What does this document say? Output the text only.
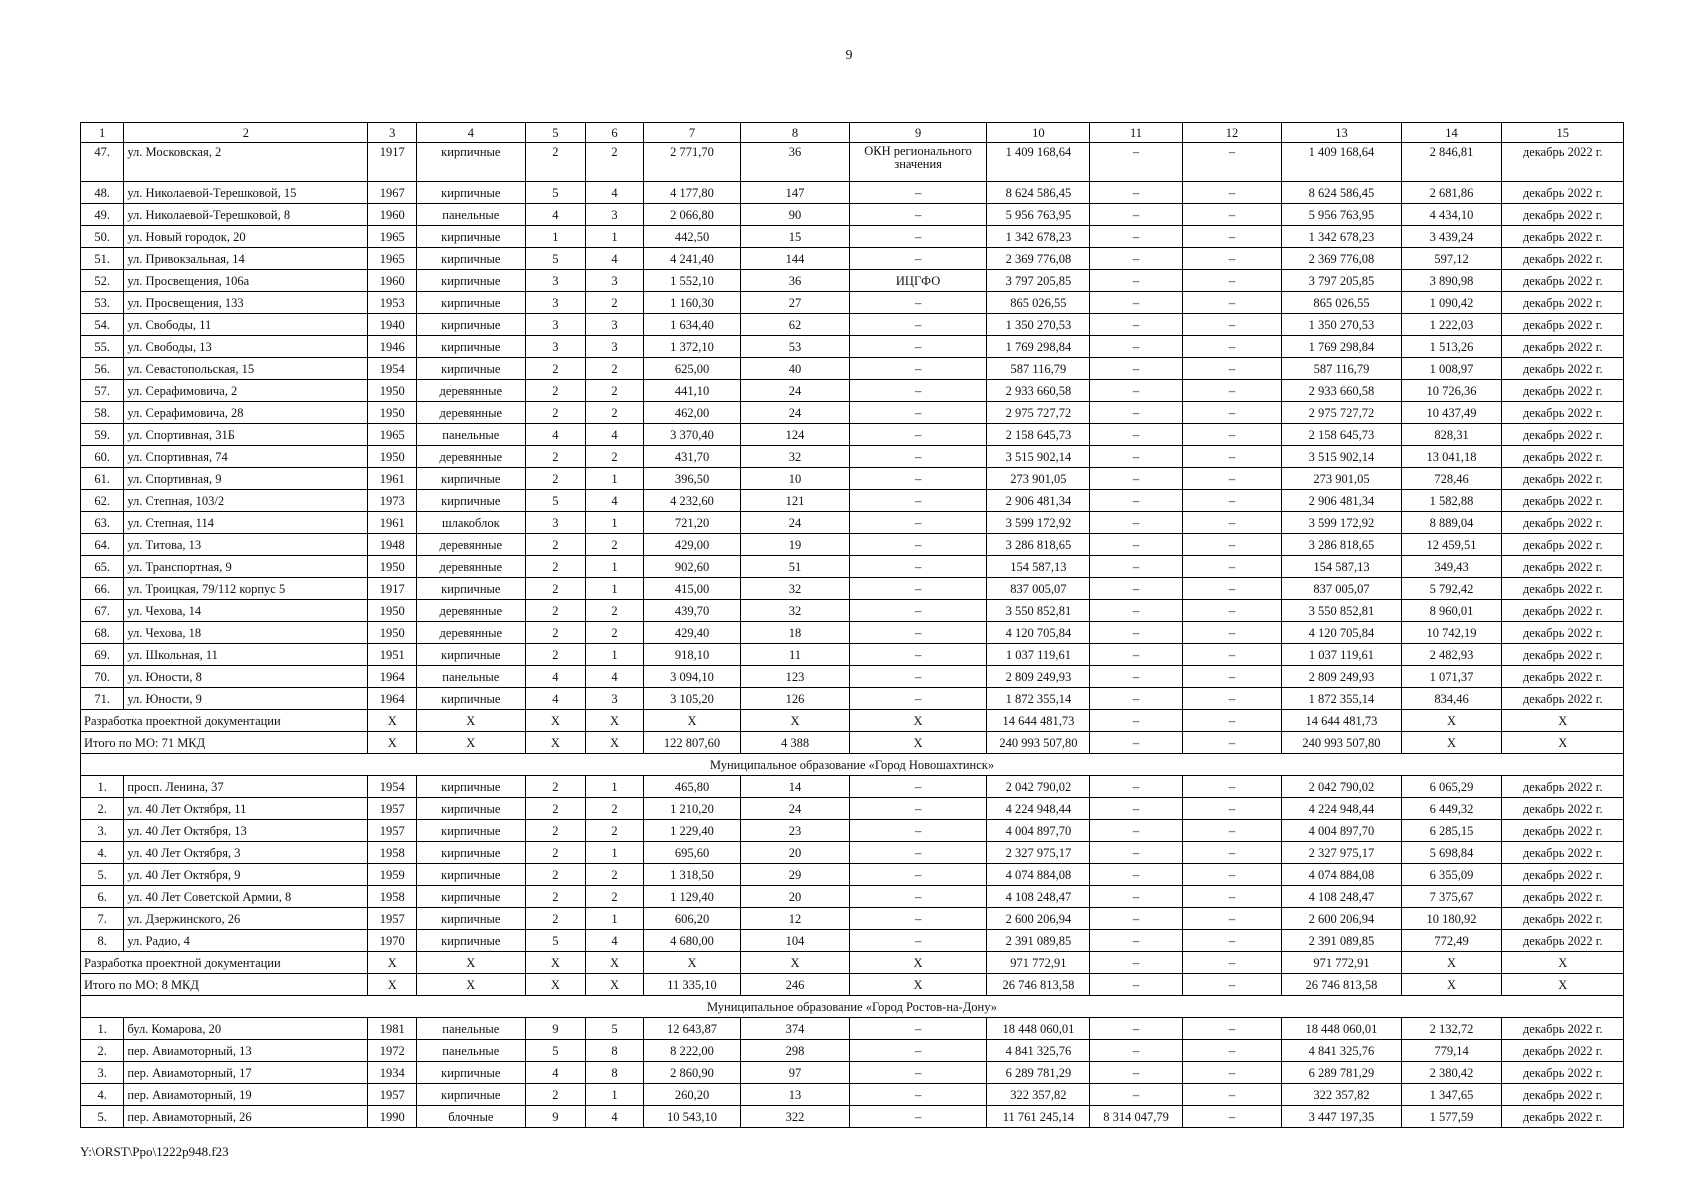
9
1	2	3	4	5	6	7	8	9	10	11	12	13	14	15
47.	ул. Московская, 2	1917	кирпичные	2	2	2 771,70	36	ОКН регионального значения	1 409 168,64	–	–	1 409 168,64	2 846,81	декабрь 2022 г.
48.	ул. Николаевой-Терешковой, 15	1967	кирпичные	5	4	4 177,80	147	–	8 624 586,45	–	–	8 624 586,45	2 681,86	декабрь 2022 г.
49.	ул. Николаевой-Терешковой, 8	1960	панельные	4	3	2 066,80	90	–	5 956 763,95	–	–	5 956 763,95	4 434,10	декабрь 2022 г.
50.	ул. Новый городок, 20	1965	кирпичные	1	1	442,50	15	–	1 342 678,23	–	–	1 342 678,23	3 439,24	декабрь 2022 г.
51.	ул. Привокзальная, 14	1965	кирпичные	5	4	4 241,40	144	–	2 369 776,08	–	–	2 369 776,08	597,12	декабрь 2022 г.
52.	ул. Просвещения, 106а	1960	кирпичные	3	3	1 552,10	36	ИЦГФО	3 797 205,85	–	–	3 797 205,85	3 890,98	декабрь 2022 г.
53.	ул. Просвещения, 133	1953	кирпичные	3	2	1 160,30	27	–	865 026,55	–	–	865 026,55	1 090,42	декабрь 2022 г.
54.	ул. Свободы, 11	1940	кирпичные	3	3	1 634,40	62	–	1 350 270,53	–	–	1 350 270,53	1 222,03	декабрь 2022 г.
55.	ул. Свободы, 13	1946	кирпичные	3	3	1 372,10	53	–	1 769 298,84	–	–	1 769 298,84	1 513,26	декабрь 2022 г.
56.	ул. Севастопольская, 15	1954	кирпичные	2	2	625,00	40	–	587 116,79	–	–	587 116,79	1 008,97	декабрь 2022 г.
57.	ул. Серафимовича, 2	1950	деревянные	2	2	441,10	24	–	2 933 660,58	–	–	2 933 660,58	10 726,36	декабрь 2022 г.
58.	ул. Серафимовича, 28	1950	деревянные	2	2	462,00	24	–	2 975 727,72	–	–	2 975 727,72	10 437,49	декабрь 2022 г.
59.	ул. Спортивная, 31Б	1965	панельные	4	4	3 370,40	124	–	2 158 645,73	–	–	2 158 645,73	828,31	декабрь 2022 г.
60.	ул. Спортивная, 74	1950	деревянные	2	2	431,70	32	–	3 515 902,14	–	–	3 515 902,14	13 041,18	декабрь 2022 г.
61.	ул. Спортивная, 9	1961	кирпичные	2	1	396,50	10	–	273 901,05	–	–	273 901,05	728,46	декабрь 2022 г.
62.	ул. Степная, 103/2	1973	кирпичные	5	4	4 232,60	121	–	2 906 481,34	–	–	2 906 481,34	1 582,88	декабрь 2022 г.
63.	ул. Степная, 114	1961	шлакоблок	3	1	721,20	24	–	3 599 172,92	–	–	3 599 172,92	8 889,04	декабрь 2022 г.
64.	ул. Титова, 13	1948	деревянные	2	2	429,00	19	–	3 286 818,65	–	–	3 286 818,65	12 459,51	декабрь 2022 г.
65.	ул. Транспортная, 9	1950	деревянные	2	1	902,60	51	–	154 587,13	–	–	154 587,13	349,43	декабрь 2022 г.
66.	ул. Троицкая, 79/112 корпус 5	1917	кирпичные	2	1	415,00	32	–	837 005,07	–	–	837 005,07	5 792,42	декабрь 2022 г.
67.	ул. Чехова, 14	1950	деревянные	2	2	439,70	32	–	3 550 852,81	–	–	3 550 852,81	8 960,01	декабрь 2022 г.
68.	ул. Чехова, 18	1950	деревянные	2	2	429,40	18	–	4 120 705,84	–	–	4 120 705,84	10 742,19	декабрь 2022 г.
69.	ул. Школьная, 11	1951	кирпичные	2	1	918,10	11	–	1 037 119,61	–	–	1 037 119,61	2 482,93	декабрь 2022 г.
70.	ул. Юности, 8	1964	панельные	4	4	3 094,10	123	–	2 809 249,93	–	–	2 809 249,93	1 071,37	декабрь 2022 г.
71.	ул. Юности, 9	1964	кирпичные	4	3	3 105,20	126	–	1 872 355,14	–	–	1 872 355,14	834,46	декабрь 2022 г.
Разработка проектной документации		X	X	X	X	X	X	X	14 644 481,73	–	–	14 644 481,73	X	X
Итого по МО: 71 МКД		X	X	X	X	122 807,60	4 388	X	240 993 507,80	–	–	240 993 507,80	X	X
Муниципальное образование «Город Новошахтинск»														
1.	просп. Ленина, 37	1954	кирпичные	2	1	465,80	14	–	2 042 790,02	–	–	2 042 790,02	6 065,29	декабрь 2022 г.
2.	ул. 40 Лет Октября, 11	1957	кирпичные	2	2	1 210,20	24	–	4 224 948,44	–	–	4 224 948,44	6 449,32	декабрь 2022 г.
3.	ул. 40 Лет Октября, 13	1957	кирпичные	2	2	1 229,40	23	–	4 004 897,70	–	–	4 004 897,70	6 285,15	декабрь 2022 г.
4.	ул. 40 Лет Октября, 3	1958	кирпичные	2	1	695,60	20	–	2 327 975,17	–	–	2 327 975,17	5 698,84	декабрь 2022 г.
5.	ул. 40 Лет Октября, 9	1959	кирпичные	2	2	1 318,50	29	–	4 074 884,08	–	–	4 074 884,08	6 355,09	декабрь 2022 г.
6.	ул. 40 Лет Советской Армии, 8	1958	кирпичные	2	2	1 129,40	20	–	4 108 248,47	–	–	4 108 248,47	7 375,67	декабрь 2022 г.
7.	ул. Дзержинского, 26	1957	кирпичные	2	1	606,20	12	–	2 600 206,94	–	–	2 600 206,94	10 180,92	декабрь 2022 г.
8.	ул. Радио, 4	1970	кирпичные	5	4	4 680,00	104	–	2 391 089,85	–	–	2 391 089,85	772,49	декабрь 2022 г.
Разработка проектной документации		X	X	X	X	X	X	X	971 772,91	–	–	971 772,91	X	X
Итого по МО: 8 МКД		X	X	X	X	11 335,10	246	X	26 746 813,58	–	–	26 746 813,58	X	X
Муниципальное образование «Город Ростов-на-Дону»														
1.	бул. Комарова, 20	1981	панельные	9	5	12 643,87	374	–	18 448 060,01	–	–	18 448 060,01	2 132,72	декабрь 2022 г.
2.	пер. Авиамоторный, 13	1972	панельные	5	8	8 222,00	298	–	4 841 325,76	–	–	4 841 325,76	779,14	декабрь 2022 г.
3.	пер. Авиамоторный, 17	1934	кирпичные	4	8	2 860,90	97	–	6 289 781,29	–	–	6 289 781,29	2 380,42	декабрь 2022 г.
4.	пер. Авиамоторный, 19	1957	кирпичные	2	1	260,20	13	–	322 357,82	–	–	322 357,82	1 347,65	декабрь 2022 г.
5.	пер. Авиамоторный, 26	1990	блочные	9	4	10 543,10	322	–	11 761 245,14	8 314 047,79	–	3 447 197,35	1 577,59	декабрь 2022 г.
Y:\ORST\Ppo\1222p948.f23
